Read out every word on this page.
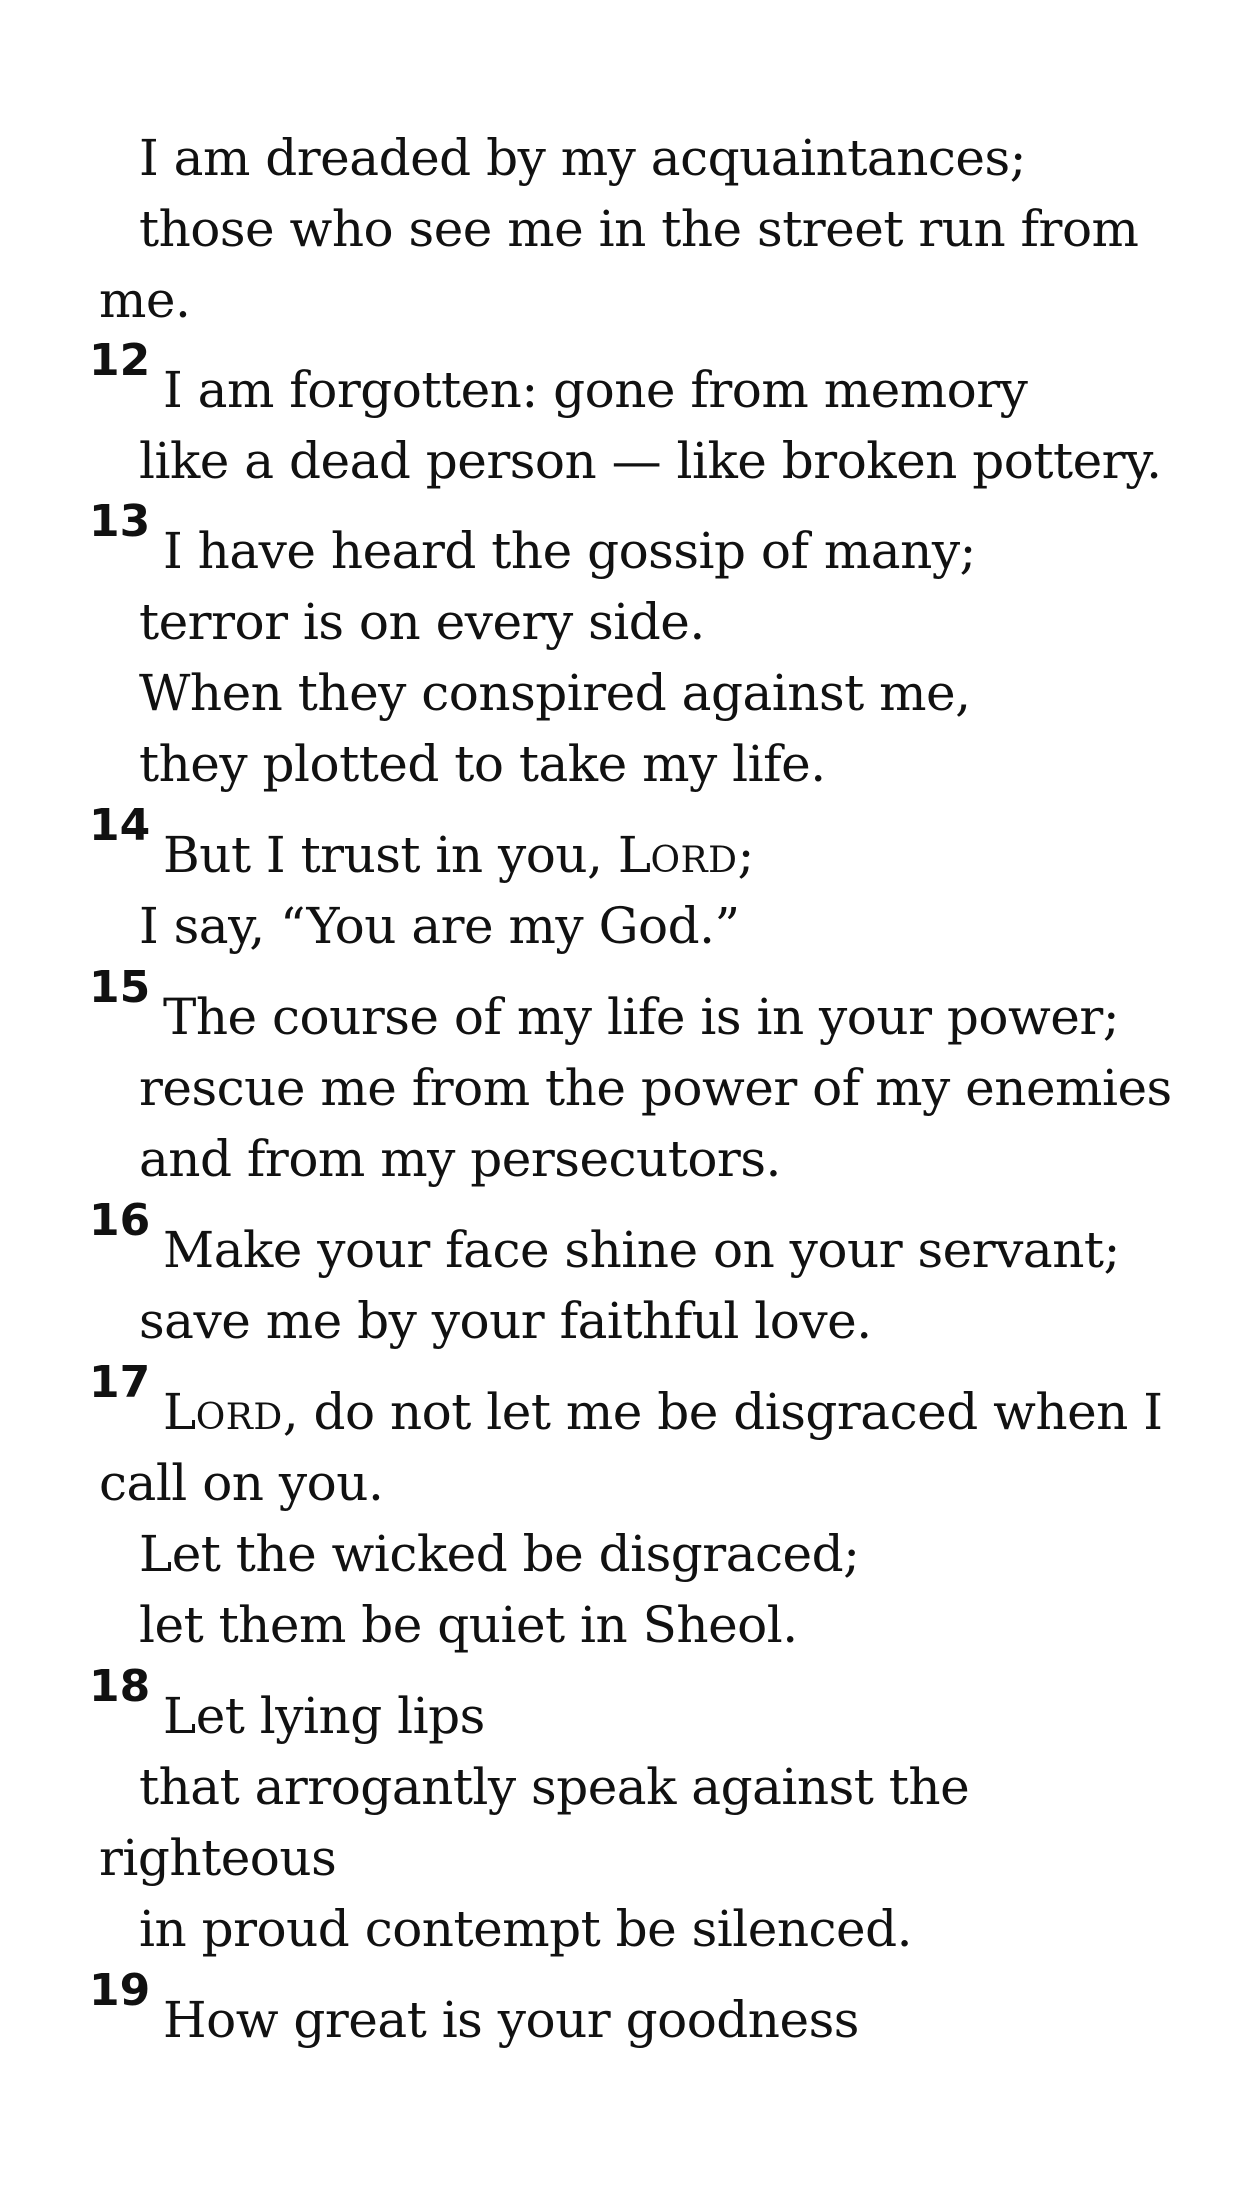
I am dreaded by my acquaintances;
those who see me in the street run from
me.
12
I am forgotten: gone from memory
like a dead person — like broken pottery.
13
I have heard the gossip of many;
terror is on every side.
When they conspired against me,
they plotted to take my life.
14
But I trust in you, LORD;
I say, “You are my God.”
15
The course of my life is in your power;
rescue me from the power of my enemies
and from my persecutors.
16
Make your face shine on your servant;
save me by your faithful love.
17
LORD, do not let me be disgraced when I
call on you.
Let the wicked be disgraced;
let them be quiet in Sheol.
18
Let lying lips
that arrogantly speak against the
righteous
in proud contempt be silenced.
19
How great is your goodness
